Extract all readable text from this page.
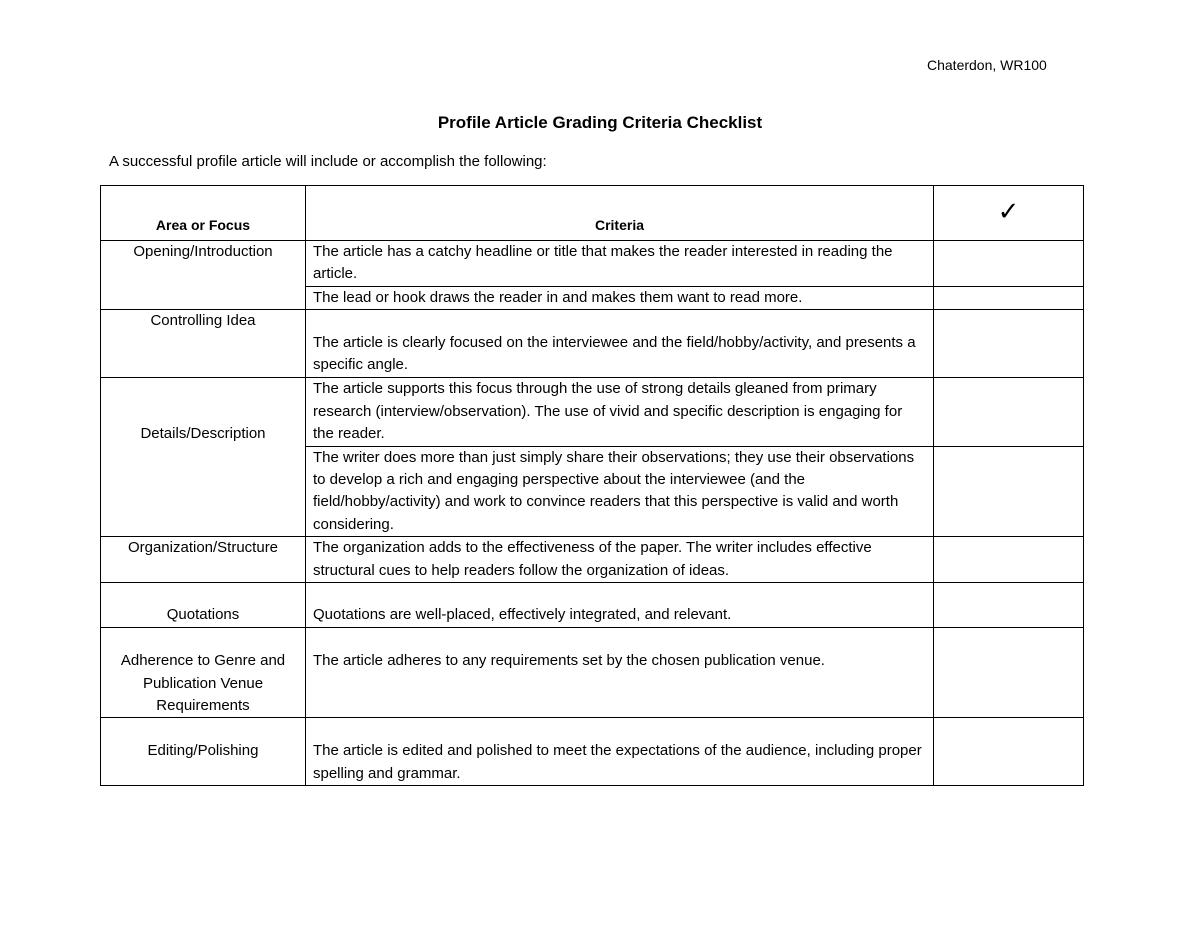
Chaterdon, WR100
Profile Article Grading Criteria Checklist
A successful profile article will include or accomplish the following:
Area or Focus	Criteria	✓
Opening/Introduction	The article has a catchy headline or title that makes the reader interested in reading the article.	
	The lead or hook draws the reader in and makes them want to read more.	
Controlling Idea	The article is clearly focused on the interviewee and the field/hobby/activity, and presents a specific angle.	
Details/Description	The article supports this focus through the use of strong details gleaned from primary research (interview/observation). The use of vivid and specific description is engaging for the reader.	
	The writer does more than just simply share their observations; they use their observations to develop a rich and engaging perspective about the interviewee (and the field/hobby/activity) and work to convince readers that this perspective is valid and worth considering.	
Organization/Structure	The organization adds to the effectiveness of the paper. The writer includes effective structural cues to help readers follow the organization of ideas.	
Quotations	Quotations are well-placed, effectively integrated, and relevant.	
Adherence to Genre and Publication Venue Requirements	The article adheres to any requirements set by the chosen publication venue.	
Editing/Polishing	The article is edited and polished to meet the expectations of the audience, including proper spelling and grammar.	
